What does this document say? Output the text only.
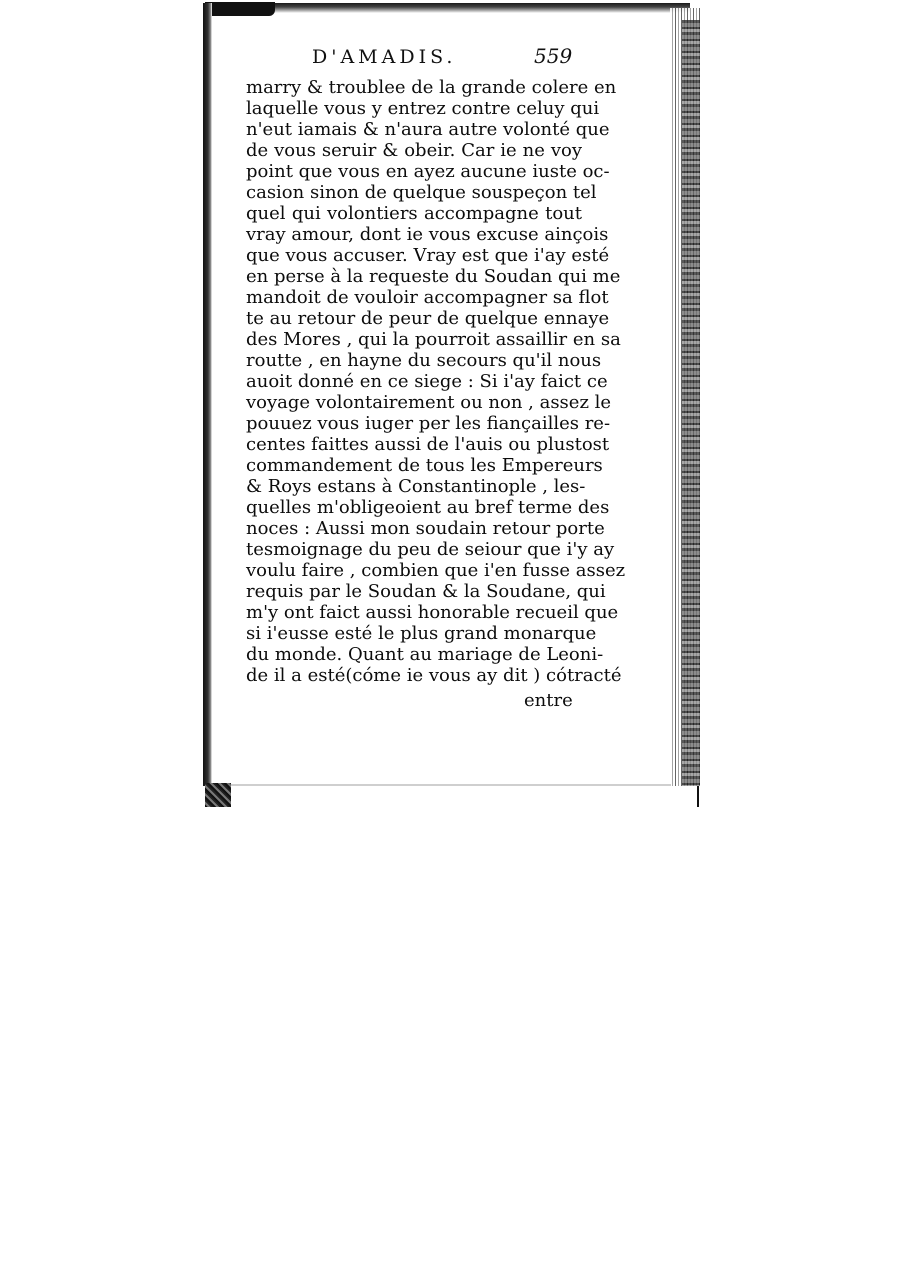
D'AMADIS.	559
marry & troublee de la grande colere en
laquelle vous y entrez contre celuy qui
n'eut iamais & n'aura autre volonté que
de vous seruir & obeir. Car ie ne voy
point que vous en ayez aucune iuste oc-
casion sinon de quelque souspeçon tel
quel qui volontiers accompagne tout
vray amour, dont ie vous excuse ainçois
que vous accuser. Vray est que i'ay esté
en perse à la requeste du Soudan qui me
mandoit de vouloir accompagner sa flot
te au retour de peur de quelque ennaye
des Mores , qui la pourroit assaillir en sa
routte , en hayne du secours qu'il nous
auoit donné en ce siege : Si i'ay faict ce
voyage volontairement ou non , assez le
pouuez vous iuger per les fiançailles re-
centes faittes aussi de l'auis ou plustost
commandement de tous les Empereurs
& Roys estans à Constantinople , les-
quelles m'obligeoient au bref terme des
noces : Aussi mon soudain retour porte
tesmoignage du peu de seiour que i'y ay
voulu faire , combien que i'en fusse assez
requis par le Soudan & la Soudane, qui
m'y ont faict aussi honorable recueil que
si i'eusse esté le plus grand monarque
du monde. Quant au mariage de Leoni-
de il a esté(cóme ie vous ay dit ) cótracté
entre
